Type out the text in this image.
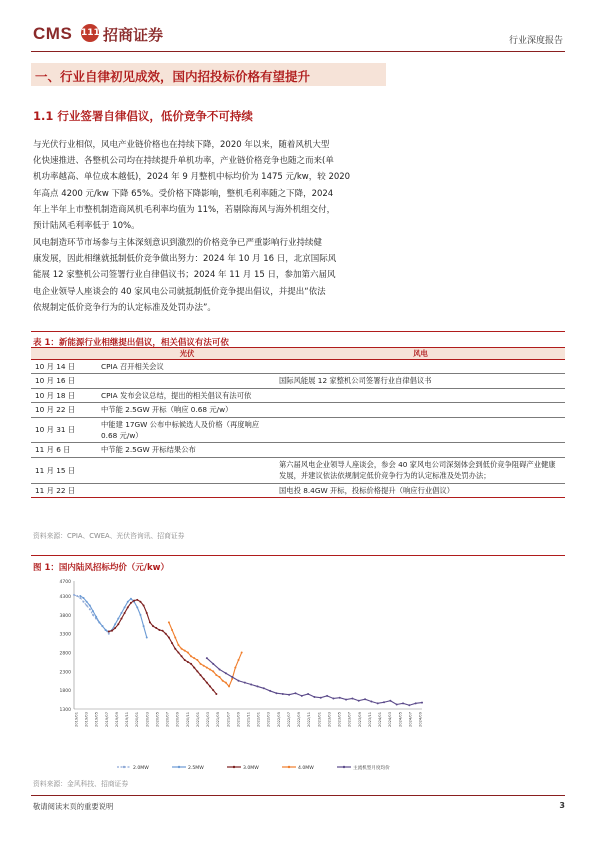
CMS 111 招商证券	行业深度报告
一、行业自律初见成效，国内招投标价格有望提升
1.1 行业签署自律倡议，低价竞争不可持续
与光伏行业相似，风电产业链价格也在持续下降，2020 年以来，随着风机大型
化快速推进、各整机公司均在持续提升单机功率，产业链价格竞争也随之而来(单
机功率越高、单位成本越低)，2024 年 9 月整机中标均价为 1475 元/kw，较 2020
年高点 4200 元/kw 下降 65%。受价格下降影响，整机毛利率随之下降，2024
年上半年上市整机制造商风机毛利率均值为 11%，若剔除海风与海外机组交付，
预计陆风毛利率低于 10%。
风电制造环节市场参与主体深刻意识到激烈的价格竞争已严重影响行业持续健
康发展，因此相继就抵制低价竞争做出努力：2024 年 10 月 16 日，北京国际风
能展 12 家整机公司签署行业自律倡议书；2024 年 11 月 15 日，参加第六届风
电企业领导人座谈会的 40 家风电公司就抵制低价竞争提出倡议，并提出“依法
依规制定低价竞争行为的认定标准及处罚办法”。
表 1：新能源行业相继提出倡议，相关倡议有法可依
	光伏	风电
10 月 14 日	CPIA 召开相关会议	
10 月 16 日		国际风能展 12 家整机公司签署行业自律倡议书
10 月 18 日	CPIA 发布会议总结，提出的相关倡议有法可依	
10 月 22 日	中节能 2.5GW 开标（响应 0.68 元/w）	
10 月 31 日	中能建 17GW 公布中标候选人及价格（再度响应 0.68 元/w）	
11 月 6 日	中节能 2.5GW 开标结果公布	
11 月 15 日		第六届风电企业领导人座谈会，参会 40 家风电公司深刻体会到低价竞争阻碍产业健康发展，并建议依法依规制定低价竞争行为的认定标准及处罚办法；
11 月 22 日		国电投 8.4GW 开标，投标价格提升（响应行业倡议）
资料来源：CPIA、CWEA、光伏咨询讯、招商证券
图 1：国内陆风招标均价（元/kw）
1300
1800
2300
2800
3300
3800
4300
4700
2019/01 2019/03 2019/05 2019/07 2019/09 2019/11 2020/01 2020/03 2020/05 2020/07 2020/09 2020/11 2021/01 2021/03 2021/05 2021/07 2021/09 2021/11 2022/01 2022/03 2022/05 2022/07 2022/09 2022/11 2023/01 2023/03 2023/05 2023/07 2023/09 2023/11 2024/01 2024/03 2024/05 2024/07 2024/09
2.0MW	2.5MW	3.0MW	4.0MW	主流机型月度均价
资料来源：金风科技、招商证券
敬请阅读末页的重要说明	3
